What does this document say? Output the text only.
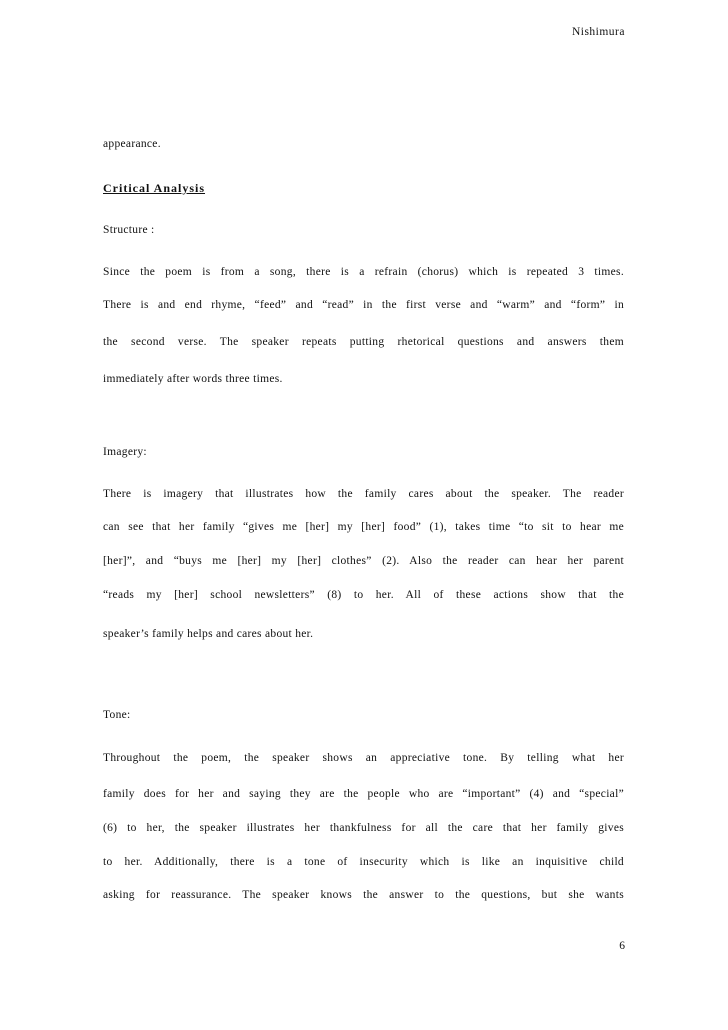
Nishimura
appearance.
Critical Analysis
Structure :
Since the poem is from a song, there is a refrain (chorus) which is repeated 3 times.
There is and end rhyme, “feed” and “read” in the first verse and “warm” and “form” in
the second verse. The speaker repeats putting rhetorical questions and answers them
immediately after words three times.
Imagery:
There is imagery that illustrates how the family cares about the speaker. The reader
can see that her family “gives me [her] my [her] food” (1), takes time “to sit to hear me
[her]”, and “buys me [her] my [her] clothes” (2). Also the reader can hear her parent
“reads my [her] school newsletters” (8) to her. All of these actions show that the
speaker’s family helps and cares about her.
Tone:
Throughout the poem, the speaker shows an appreciative tone. By telling what her
family does for her and saying they are the people who are “important” (4) and “special”
(6) to her, the speaker illustrates her thankfulness for all the care that her family gives
to her. Additionally, there is a tone of insecurity which is like an inquisitive child
asking for reassurance. The speaker knows the answer to the questions, but she wants
6
